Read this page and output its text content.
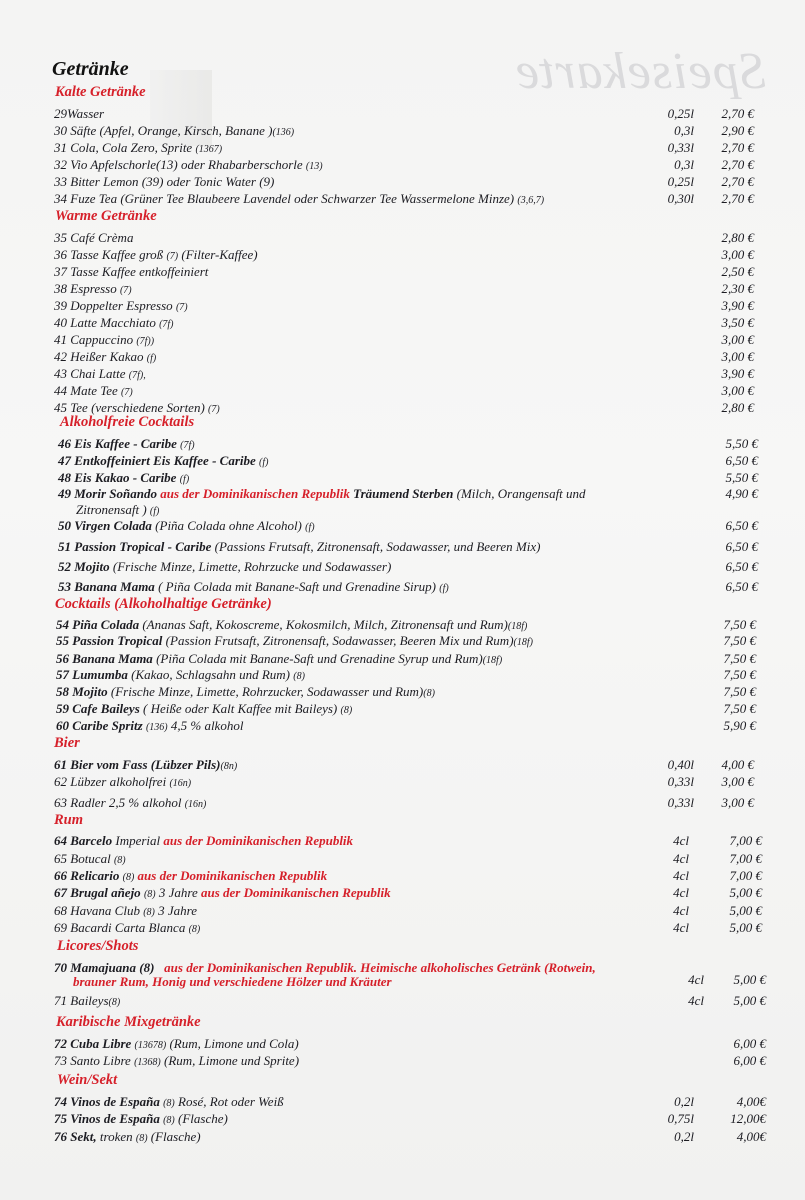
Speisekarte
Getränke
Kalte Getränke
29Wasser	0,25l	2,70 €
30 Säfte (Apfel, Orange, Kirsch, Banane )(136)	0,3l	2,90 €
31 Cola, Cola Zero, Sprite (1367)	0,33l	2,70 €
32 Vio Apfelschorle(13) oder Rhabarberschorle (13)	0,3l	2,70 €
33 Bitter Lemon (39) oder Tonic Water (9)	0,25l	2,70 €
34 Fuze Tea (Grüner Tee Blaubeere Lavendel oder Schwarzer Tee Wassermelone Minze) (3,6,7)	0,30l	2,70 €
Warme Getränke
35 Café Crèma	2,80 €
36 Tasse Kaffee groß (7) (Filter-Kaffee)	3,00 €
37 Tasse Kaffee entkoffeiniert	2,50 €
38 Espresso (7)	2,30 €
39 Doppelter Espresso (7)	3,90 €
40 Latte Macchiato (7f)	3,50 €
41 Cappuccino (7f))	3,00 €
42 Heißer Kakao (f)	3,00 €
43 Chai Latte (7f),	3,90 €
44 Mate Tee (7)	3,00 €
45 Tee (verschiedene Sorten) (7)	2,80 €
Alkoholfreie Cocktails
46 Eis Kaffee - Caribe (7f)	5,50 €
47 Entkoffeiniert Eis Kaffee - Caribe (f)	6,50 €
48 Eis Kakao - Caribe (f)	5,50 €
49 Morir Soñando aus der Dominikanischen Republik Träumend Sterben (Milch, Orangensaft und	4,90 €
Zitronensaft ) (f)
50 Virgen Colada (Piña Colada ohne Alcohol) (f)	6,50 €
51 Passion Tropical - Caribe (Passions Frutsaft, Zitronensaft, Sodawasser, und Beeren Mix)	6,50 €
52 Mojito (Frische Minze, Limette, Rohrzucke und Sodawasser)	6,50 €
53 Banana Mama ( Piña Colada mit Banane-Saft und Grenadine Sirup) (f)	6,50 €
Cocktails (Alkoholhaltige Getränke)
54 Piña Colada (Ananas Saft, Kokoscreme, Kokosmilch, Milch, Zitronensaft und Rum)(18f)	7,50 €
55 Passion Tropical (Passion Frutsaft, Zitronensaft, Sodawasser, Beeren Mix und Rum)(18f)	7,50 €
56 Banana Mama (Piña Colada mit Banane-Saft und Grenadine Syrup und Rum)(18f)	7,50 €
57 Lumumba (Kakao, Schlagsahn und Rum) (8)	7,50 €
58 Mojito (Frische Minze, Limette, Rohrzucker, Sodawasser und Rum)(8)	7,50 €
59 Cafe Baileys ( Heiße oder Kalt Kaffee mit Baileys) (8)	7,50 €
60 Caribe Spritz (136) 4,5 % alkohol	5,90 €
Bier
61 Bier vom Fass (Lübzer Pils)(8n)	0,40l	4,00 €
62 Lübzer alkoholfrei (16n)	0,33l	3,00 €
63 Radler 2,5 % alkohol (16n)	0,33l	3,00 €
Rum
64 Barcelo Imperial aus der Dominikanischen Republik	4cl	7,00 €
65 Botucal (8)	4cl	7,00 €
66 Relicario (8) aus der Dominikanischen Republik	4cl	7,00 €
67 Brugal añejo (8) 3 Jahre aus der Dominikanischen Republik	4cl	5,00 €
68 Havana Club (8) 3 Jahre	4cl	5,00 €
69 Bacardi Carta Blanca (8)	4cl	5,00 €
Licores/Shots
70 Mamajuana (8) aus der Dominikanischen Republik. Heimische alkoholisches Getränk (Rotwein,
brauner Rum, Honig und verschiedene Hölzer und Kräuter	4cl	5,00 €
71 Baileys(8)	4cl	5,00 €
Karibische Mixgetränke
72 Cuba Libre (13678) (Rum, Limone und Cola)	6,00 €
73 Santo Libre (1368) (Rum, Limone und Sprite)	6,00 €
Wein/Sekt
74 Vinos de España (8) Rosé, Rot oder Weiß	0,2l	4,00€
75 Vinos de España (8) (Flasche)	0,75l	12,00€
76 Sekt, troken (8) (Flasche)	0,2l	4,00€
